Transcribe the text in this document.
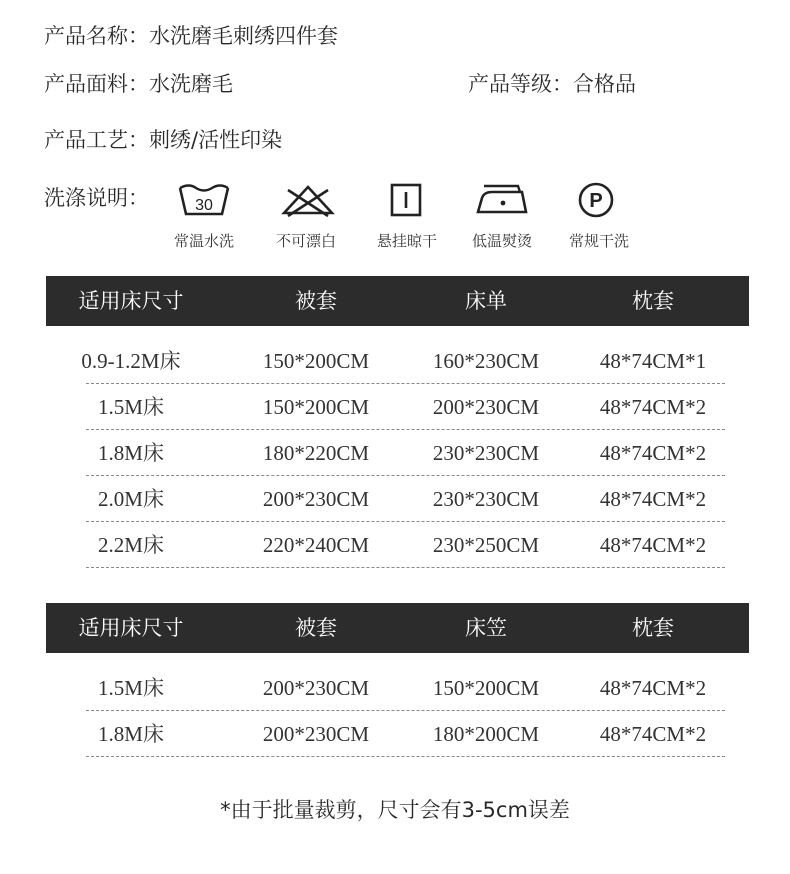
产品名称：水洗磨毛刺绣四件套
产品面料：水洗磨毛	产品等级：合格品
产品工艺：刺绣/活性印染
洗涤说明：	30	P
常温水洗	不可漂白	悬挂晾干	低温熨烫	常规干洗
适用床尺寸	被套	床单	枕套
0.9-1.2M床	150*200CM	160*230CM	48*74CM*1
1.5M床	150*200CM	200*230CM	48*74CM*2
1.8M床	180*220CM	230*230CM	48*74CM*2
2.0M床	200*230CM	230*230CM	48*74CM*2
2.2M床	220*240CM	230*250CM	48*74CM*2
适用床尺寸	被套	床笠	枕套
1.5M床	200*230CM	150*200CM	48*74CM*2
1.8M床	200*230CM	180*200CM	48*74CM*2
*由于批量裁剪，尺寸会有3-5cm误差
